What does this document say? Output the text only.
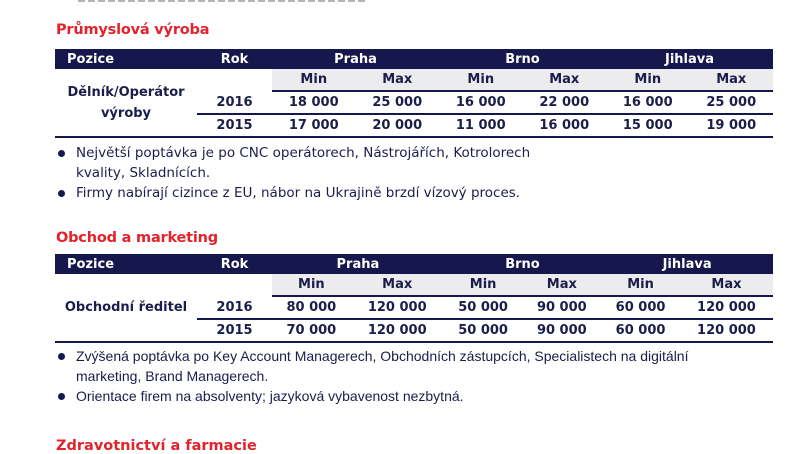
Průmyslová výroba
Pozice	Rok	Praha		Brno		Jihlava	
Dělník/Operátor výroby		Min	Max	Min	Max	Min	Max
	2016	18 000	25 000	16 000	22 000	16 000	25 000
	2015	17 000	20 000	11 000	16 000	15 000	19 000
Největší poptávka je po CNC operátorech, Nástrojářích, Kotrolorech kvality, Skladnících.
Firmy nabírají cizince z EU, nábor na Ukrajině brzdí vízový proces.
Obchod a marketing
Pozice	Rok	Praha		Brno		Jihlava	
Obchodní ředitel		Min	Max	Min	Max	Min	Max
	2016	80 000	120 000	50 000	90 000	60 000	120 000
	2015	70 000	120 000	50 000	90 000	60 000	120 000
Zvýšená poptávka po Key Account Managerech, Obchodních zástupcích, Specialistech na digitální marketing, Brand Managerech.
Orientace firem na absolventy; jazyková vybavenost nezbytná.
Zdravotnictví a farmacie
